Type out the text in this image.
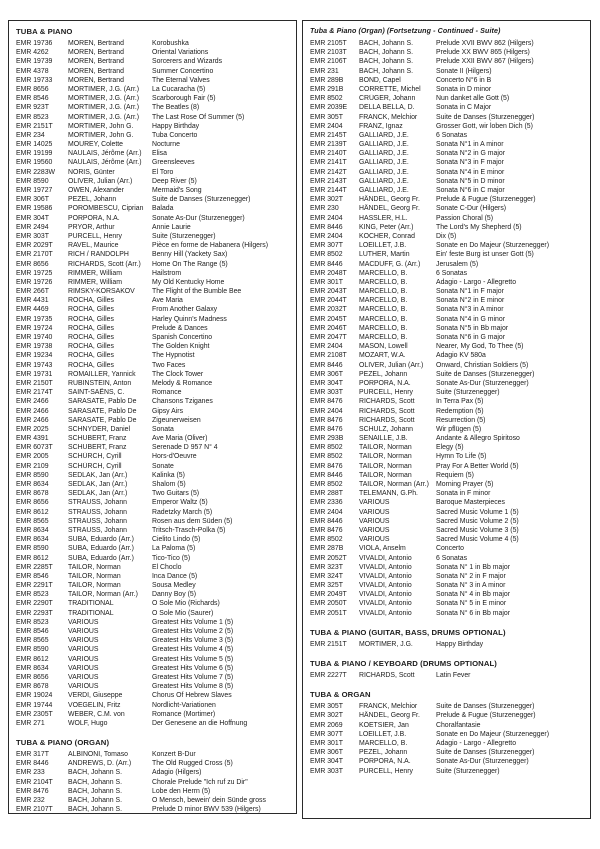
TUBA & PIANO
EMR 19736	MOREN, Bertrand	Korobushka
EMR 4262	MOREN, Bertrand	Oriental Variations
EMR 19739	MOREN, Bertrand	Sorcerers and Wizards
EMR 4378	MOREN, Bertrand	Summer Concertino
EMR 19733	MOREN, Bertrand	The Eternal Valves
EMR 8656	MORTIMER, J.G. (Arr.)	La Cucaracha (5)
EMR 8546	MORTIMER, J.G. (Arr.)	Scarborough Fair (5)
EMR 923T	MORTIMER, J.G. (Arr.)	The Beatles (8)
EMR 8523	MORTIMER, J.G. (Arr.)	The Last Rose Of Summer (5)
EMR 2151T	MORTIMER, John G.	Happy Birthday
EMR 234	MORTIMER, John G.	Tuba Concerto
EMR 14025	MOUREY, Colette	Nocturne
EMR 19199	NAULAIS, Jérôme (Arr.)	Elisa
EMR 19560	NAULAIS, Jérôme (Arr.)	Greensleeves
EMR 2283W	NORIS, Günter	El Toro
EMR 8590	OLIVER, Julian (Arr.)	Deep River (5)
EMR 19727	OWEN, Alexander	Mermaid's Song
EMR 306T	PEZEL, Johann	Suite de Danses (Sturzenegger)
EMR 19586	POROMBESCU, Ciprian	Balada
EMR 304T	PORPORA, N.A.	Sonate As-Dur (Sturzenegger)
EMR 2494	PRYOR, Arthur	Annie Laurie
EMR 303T	PURCELL, Henry	Suite (Sturzenegger)
EMR 2029T	RAVEL, Maurice	Pièce en forme de Habanera (Hilgers)
EMR 2170T	RICH / RANDOLPH	Benny Hill (Yackety Sax)
EMR 8656	RICHARDS, Scott (Arr.)	Home On The Range (5)
EMR 19725	RIMMER, William	Hailstrom
EMR 19726	RIMMER, William	My Old Kentucky Home
EMR 266T	RIMSKY-KORSAKOV	The Flight of the Bumble Bee
EMR 4431	ROCHA, Gilles	Ave Maria
EMR 4469	ROCHA, Gilles	From Another Galaxy
EMR 19735	ROCHA, Gilles	Harley Quinn's Madness
EMR 19724	ROCHA, Gilles	Prelude & Dances
EMR 19740	ROCHA, Gilles	Spanish Concertino
EMR 19738	ROCHA, Gilles	The Golden Knight
EMR 19234	ROCHA, Gilles	The Hypnotist
EMR 19743	ROCHA, Gilles	Two Faces
EMR 19731	ROMAILLER, Yannick	The Clock Tower
EMR 2150T	RUBINSTEIN, Anton	Melody & Romance
EMR 2174T	SAINT-SAËNS, C.	Romance
EMR 2466	SARASATE, Pablo De	Chansons Tziganes
EMR 2466	SARASATE, Pablo De	Gipsy Airs
EMR 2466	SARASATE, Pablo De	Zigeunerweisen
EMR 2025	SCHNYDER, Daniel	Sonata
EMR 4391	SCHUBERT, Franz	Ave Maria (Oliver)
EMR 6073T	SCHUBERT, Franz	Serenade D 957 N° 4
EMR 2005	SCHÜRCH, Cyrill	Hors-d'Oeuvre
EMR 2109	SCHÜRCH, Cyrill	Sonate
EMR 8590	SEDLAK, Jan (Arr.)	Kalinka (5)
EMR 8634	SEDLAK, Jan (Arr.)	Shalom (5)
EMR 8678	SEDLAK, Jan (Arr.)	Two Guitars (5)
EMR 8656	STRAUSS, Johann	Emperor Waltz (5)
EMR 8612	STRAUSS, Johann	Radetzky March (5)
EMR 8565	STRAUSS, Johann	Rosen aus dem Süden (5)
EMR 8634	STRAUSS, Johann	Tritsch-Trasch-Polka (5)
EMR 8634	SUBA, Eduardo (Arr.)	Cielito Lindo (5)
EMR 8590	SUBA, Eduardo (Arr.)	La Paloma (5)
EMR 8612	SUBA, Eduardo (Arr.)	Tico-Tico (5)
EMR 2285T	TAILOR, Norman	El Choclo
EMR 8546	TAILOR, Norman	Inca Dance (5)
EMR 2291T	TAILOR, Norman	Sousa Medley
EMR 8523	TAILOR, Norman (Arr.)	Danny Boy (5)
EMR 2290T	TRADITIONAL	O Sole Mio (Richards)
EMR 2293T	TRADITIONAL	O Sole Mio (Saurer)
EMR 8523	VARIOUS	Greatest Hits Volume 1 (5)
EMR 8546	VARIOUS	Greatest Hits Volume 2 (5)
EMR 8565	VARIOUS	Greatest Hits Volume 3 (5)
EMR 8590	VARIOUS	Greatest Hits Volume 4 (5)
EMR 8612	VARIOUS	Greatest Hits Volume 5 (5)
EMR 8634	VARIOUS	Greatest Hits Volume 6 (5)
EMR 8656	VARIOUS	Greatest Hits Volume 7 (5)
EMR 8678	VARIOUS	Greatest Hits Volume 8 (5)
EMR 19024	VERDI, Giuseppe	Chorus Of Hebrew Slaves
EMR 19744	VOEGELIN, Fritz	Nordlicht-Variationen
EMR 2305T	WEBER, C.M. von	Romance (Mortimer)
EMR 271	WOLF, Hugo	Der Genesene an die Hoffnung
TUBA & PIANO (ORGAN)
EMR 317T	ALBINONI, Tomaso	Konzert B-Dur
EMR 8446	ANDREWS, D. (Arr.)	The Old Rugged Cross (5)
EMR 233	BACH, Johann S.	Adagio (Hilgers)
EMR 2104T	BACH, Johann S.	Chorale Prelude "Ich ruf zu Dir"
EMR 8476	BACH, Johann S.	Lobe den Herrn (5)
EMR 232	BACH, Johann S.	O Mensch, bewein' dein Sünde gross
EMR 2107T	BACH, Johann S.	Prelude D minor BWV 539 (Hilgers)
Tuba & Piano (Organ) (Fortsetzung - Continued - Suite)
EMR 2105T	BACH, Johann S.	Prelude XVII BWV 862 (Hilgers)
EMR 2103T	BACH, Johann S.	Prelude XX BWV 865 (Hilgers)
EMR 2106T	BACH, Johann S.	Prelude XXII BWV 867 (Hilgers)
EMR 231	BACH, Johann S.	Sonate II (Hilgers)
EMR 289B	BOND, Capel	Concerto N°6 in B
EMR 291B	CORRETTE, Michel	Sonata in D minor
EMR 8502	CRÜGER, Johann	Nun danket alle Gott (5)
EMR 2039E	DELLA BELLA, D.	Sonata in C Major
EMR 305T	FRANCK, Melchior	Suite de Danses (Sturzenegger)
EMR 2404	FRANZ, Ignaz	Grosser Gott, wir loben Dich (5)
EMR 2145T	GALLIARD, J.E.	6 Sonatas
EMR 2139T	GALLIARD, J.E.	Sonata N°1 in A minor
EMR 2140T	GALLIARD, J.E.	Sonata N°2 in G major
EMR 2141T	GALLIARD, J.E.	Sonata N°3 in F major
EMR 2142T	GALLIARD, J.E.	Sonata N°4 in E minor
EMR 2143T	GALLIARD, J.E.	Sonata N°5 in D minor
EMR 2144T	GALLIARD, J.E.	Sonata N°6 in C major
EMR 302T	HÄNDEL, Georg Fr.	Prelude & Fugue (Sturzenegger)
EMR 230	HÄNDEL, Georg Fr.	Sonate C-Dur (Hilgers)
EMR 2404	HASSLER, H.L.	Passion Choral (5)
EMR 8446	KING, Peter (Arr.)	The Lord's My Shepherd (5)
EMR 2404	KOCHER, Conrad	Dix (5)
EMR 307T	LOEILLET, J.B.	Sonate en Do Majeur (Sturzenegger)
EMR 8502	LUTHER, Martin	Ein' feste Burg ist unser Gott (5)
EMR 8446	MACDUFF, G. (Arr.)	Jerusalem (5)
EMR 2048T	MARCELLO, B.	6 Sonatas
EMR 301T	MARCELLO, B.	Adagio - Largo - Allegretto
EMR 2043T	MARCELLO, B.	Sonata N°1 in F major
EMR 2044T	MARCELLO, B.	Sonata N°2 in E minor
EMR 2032T	MARCELLO, B.	Sonata N°3 in A minor
EMR 2045T	MARCELLO, B.	Sonata N°4 in G minor
EMR 2046T	MARCELLO, B.	Sonata N°5 in Bb major
EMR 2047T	MARCELLO, B.	Sonata N°6 in G major
EMR 2404	MASON, Lowell	Nearer, My God, To Thee (5)
EMR 2108T	MOZART, W.A.	Adagio KV 580a
EMR 8446	OLIVER, Julian (Arr.)	Onward, Christian Soldiers (5)
EMR 306T	PEZEL, Johann	Suite de Danses (Sturzenegger)
EMR 304T	PORPORA, N.A.	Sonate As-Dur (Sturzenegger)
EMR 303T	PURCELL, Henry	Suite (Sturzenegger)
EMR 8476	RICHARDS, Scott	In Terra Pax (5)
EMR 2404	RICHARDS, Scott	Redemption (5)
EMR 8476	RICHARDS, Scott	Resurrection (5)
EMR 8476	SCHULZ, Johann	Wir pflügen (5)
EMR 293B	SENAILLE, J.B.	Andante & Allegro Spiritoso
EMR 8502	TAILOR, Norman	Elegy (5)
EMR 8502	TAILOR, Norman	Hymn To Life (5)
EMR 8476	TAILOR, Norman	Pray For A Better World (5)
EMR 8446	TAILOR, Norman	Requiem (5)
EMR 8502	TAILOR, Norman (Arr.)	Morning Prayer (5)
EMR 288T	TELEMANN, G.Ph.	Sonata in F minor
EMR 2336	VARIOUS	Baroque Masterpieces
EMR 2404	VARIOUS	Sacred Music Volume 1 (5)
EMR 8446	VARIOUS	Sacred Music Volume 2 (5)
EMR 8476	VARIOUS	Sacred Music Volume 3 (5)
EMR 8502	VARIOUS	Sacred Music Volume 4 (5)
EMR 287B	VIOLA, Anselm	Concerto
EMR 2052T	VIVALDI, Antonio	6 Sonatas
EMR 323T	VIVALDI, Antonio	Sonata N° 1 in Bb major
EMR 324T	VIVALDI, Antonio	Sonata N° 2 in F major
EMR 325T	VIVALDI, Antonio	Sonata N° 3 in A minor
EMR 2049T	VIVALDI, Antonio	Sonata N° 4 in Bb major
EMR 2050T	VIVALDI, Antonio	Sonata N° 5 in E minor
EMR 2051T	VIVALDI, Antonio	Sonata N° 6 in Bb major
TUBA & PIANO (GUITAR, BASS, DRUMS OPTIONAL)
EMR 2151T	MORTIMER, J.G.	Happy Birthday
TUBA & PIANO / KEYBOARD (DRUMS OPTIONAL)
EMR 2227T	RICHARDS, Scott	Latin Fever
TUBA & ORGAN
EMR 305T	FRANCK, Melchior	Suite de Danses (Sturzenegger)
EMR 302T	HÄNDEL, Georg Fr.	Prelude & Fugue (Sturzenegger)
EMR 2069	KOETSIER, Jan	Choralfantasie
EMR 307T	LOEILLET, J.B.	Sonate en Do Majeur (Sturzenegger)
EMR 301T	MARCELLO, B.	Adagio - Largo - Allegretto
EMR 306T	PEZEL, Johann	Suite de Danses (Sturzenegger)
EMR 304T	PORPORA, N.A.	Sonate As-Dur (Sturzenegger)
EMR 303T	PURCELL, Henry	Suite (Sturzenegger)
